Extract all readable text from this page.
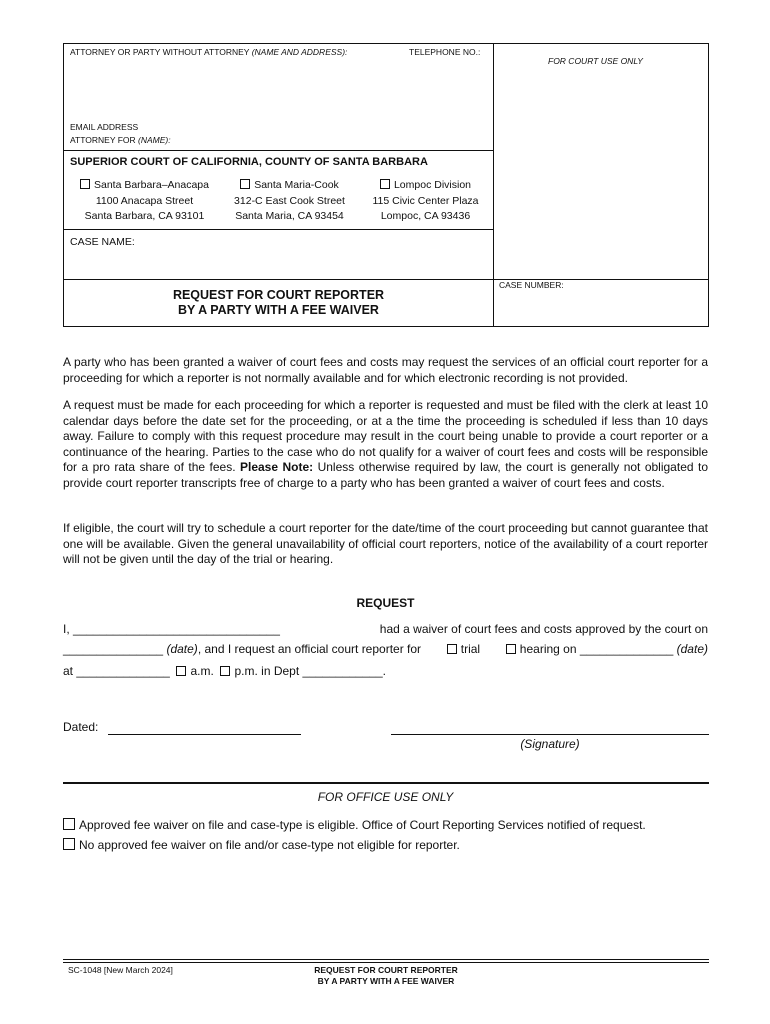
ATTORNEY OR PARTY WITHOUT ATTORNEY (NAME AND ADDRESS):	TELEPHONE NO.:
FOR COURT USE ONLY
EMAIL ADDRESS
ATTORNEY FOR (NAME):
SUPERIOR COURT OF CALIFORNIA, COUNTY OF SANTA BARBARA
Santa Barbara–Anacapa
1100 Anacapa Street
Santa Barbara, CA 93101
Santa Maria-Cook
312-C East Cook Street
Santa Maria, CA 93454
Lompoc Division
115 Civic Center Plaza
Lompoc, CA 93436
CASE NAME:
REQUEST FOR COURT REPORTER
BY A PARTY WITH A FEE WAIVER
CASE NUMBER:
A party who has been granted a waiver of court fees and costs may request the services of an official court reporter for a proceeding for which a reporter is not normally available and for which electronic recording is not provided.
A request must be made for each proceeding for which a reporter is requested and must be filed with the clerk at least 10 calendar days before the date set for the proceeding, or at a the time the proceeding is scheduled if less than 10 days away. Failure to comply with this request procedure may result in the court being unable to provide a court reporter or a continuance of the hearing. Parties to the case who do not qualify for a waiver of court fees and costs will be responsible for a pro rata share of the fees. Please Note: Unless otherwise required by law, the court is generally not obligated to provide court reporter transcripts free of charge to a party who has been granted a waiver of court fees and costs.
If eligible, the court will try to schedule a court reporter for the date/time of the court proceeding but cannot guarantee that one will be available. Given the general unavailability of official court reporters, notice of the availability of a court reporter will not be given until the day of the trial or hearing.
REQUEST
I, _______________________________	had a waiver of court fees and costs approved by the court on
_______________ (date), and I request an official court reporter for	trial	hearing on ______________ (date)
at ______________ a.m. p.m. in Dept ____________.
Dated:
(Signature)
FOR OFFICE USE ONLY
Approved fee waiver on file and case-type is eligible. Office of Court Reporting Services notified of request.
No approved fee waiver on file and/or case-type not eligible for reporter.
SC-1048 [New March 2024]	REQUEST FOR COURT REPORTER
BY A PARTY WITH A FEE WAIVER
